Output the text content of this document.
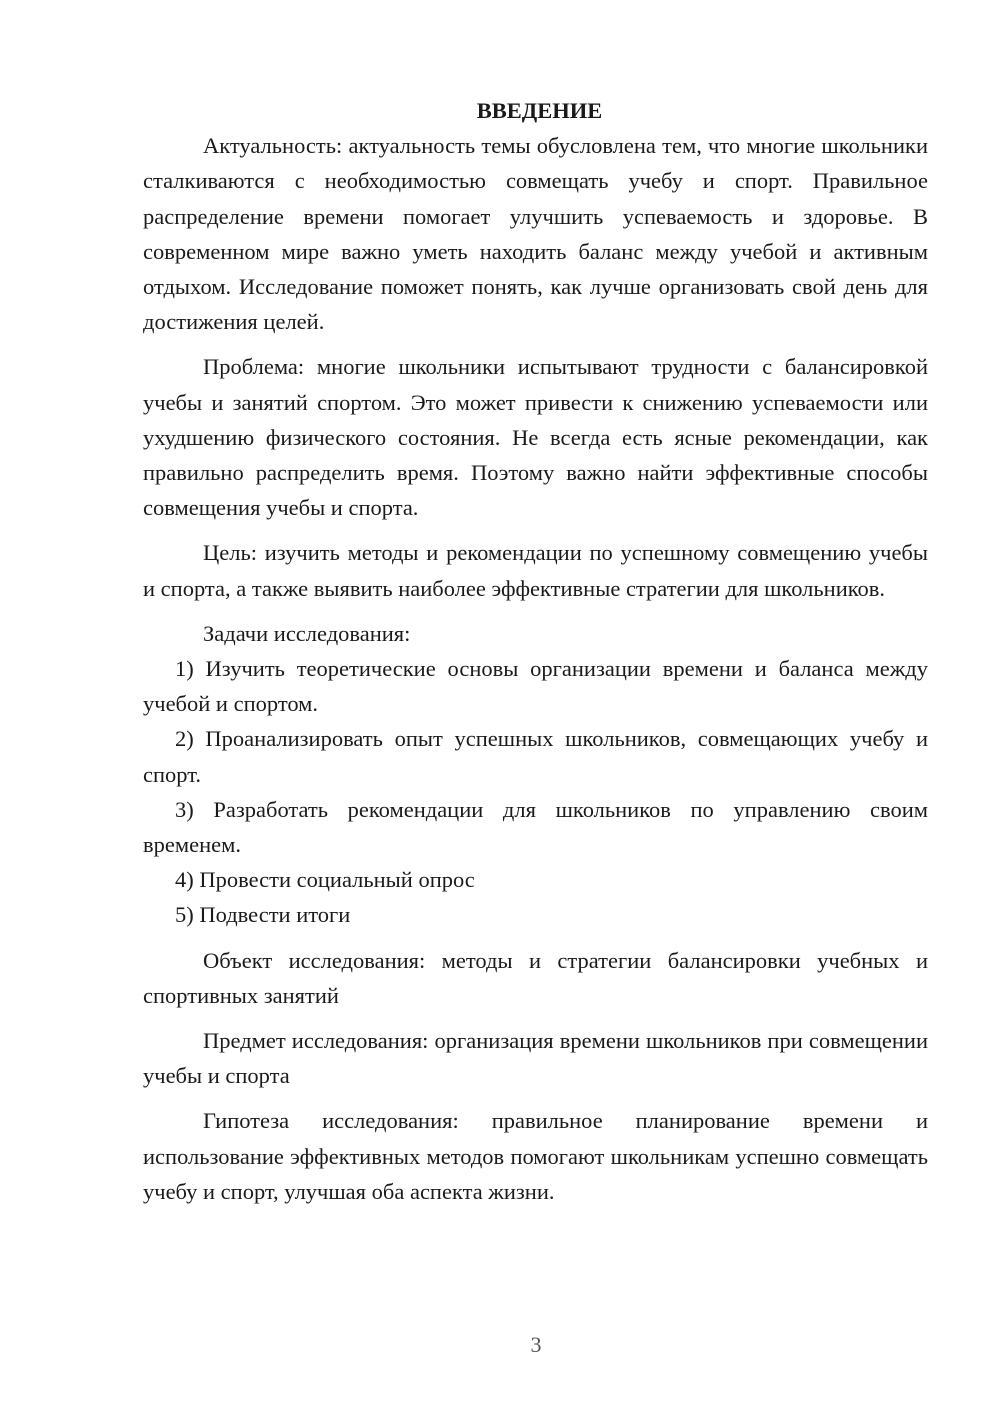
ВВЕДЕНИЕ

Актуальность: актуальность темы обусловлена тем, что многие школьники сталкиваются с необходимостью совмещать учебу и спорт. Правильное распределение времени помогает улучшить успеваемость и здоровье. В современном мире важно уметь находить баланс между учебой и активным отдыхом. Исследование поможет понять, как лучше организовать свой день для достижения целей.

Проблема: многие школьники испытывают трудности с балансировкой учебы и занятий спортом. Это может привести к снижению успеваемости или ухудшению физического состояния. Не всегда есть ясные рекомендации, как правильно распределить время. Поэтому важно найти эффективные способы совмещения учебы и спорта.

Цель: изучить методы и рекомендации по успешному совмещению учебы и спорта, а также выявить наиболее эффективные стратегии для школьников.

Задачи исследования:

1) Изучить теоретические основы организации времени и баланса между учебой и спортом.

2) Проанализировать опыт успешных школьников, совмещающих учебу и спорт.

3) Разработать рекомендации для школьников по управлению своим временем.

4) Провести социальный опрос

5) Подвести итоги

Объект исследования: методы и стратегии балансировки учебных и спортивных занятий

Предмет исследования: организация времени школьников при совмещении учебы и спорта

Гипотеза исследования: правильное планирование времени и использование эффективных методов помогают школьникам успешно совмещать учебу и спорт, улучшая оба аспекта жизни.

3
